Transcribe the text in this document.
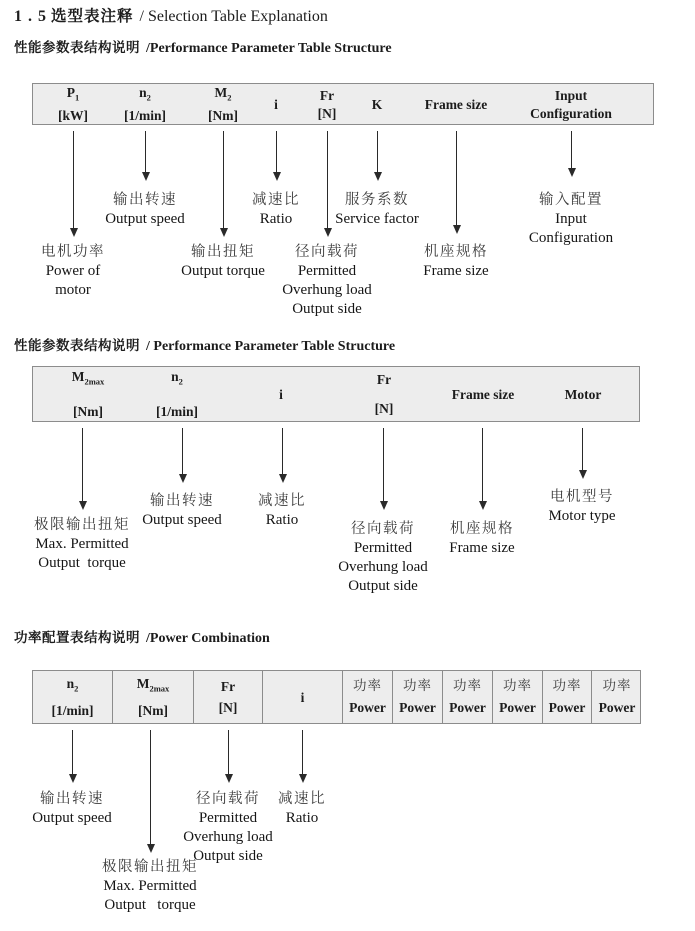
1 . 5 选型表注释 / Selection Table Explanation
性能参数表结构说明 /Performance Parameter Table Structure
性能参数表结构说明 / Performance Parameter Table Structure
功率配置表结构说明 /Power Combination
$P_1$
[kW]
$n_2$
[1/min]
$M_2$
[Nm]
i
Fr
[N]
K	Frame size
Input
Configuration
电机功率
Power of
motor
输出转速
Output speed
输出扭矩
Output torque
减速比
Ratio
径向载荷
Permitted
Overhung load
Output side
服务系数
Service factor
机座规格
Frame size
输入配置
Input
Configuration
$M_{2max}$
[Nm]
$n_2$
[1/min]
i
Fr
[N]
Frame size	Motor
极限输出扭矩
Max. Permitted
Output  torque
输出转速
Output speed
减速比
Ratio
径向载荷
Permitted
Overhung load
Output side
机座规格
Frame size
电机型号
Motor type
$n_2$
[1/min]
$M_{2max}$
[Nm]
Fr
[N]
i
功率
Power
功率
Power
功率
Power
功率
Power
功率
Power
功率
Power
输出转速
Output speed
极限输出扭矩
Max. Permitted
Output   torque
径向载荷
Permitted
Overhung load
Output side
减速比
Ratio
